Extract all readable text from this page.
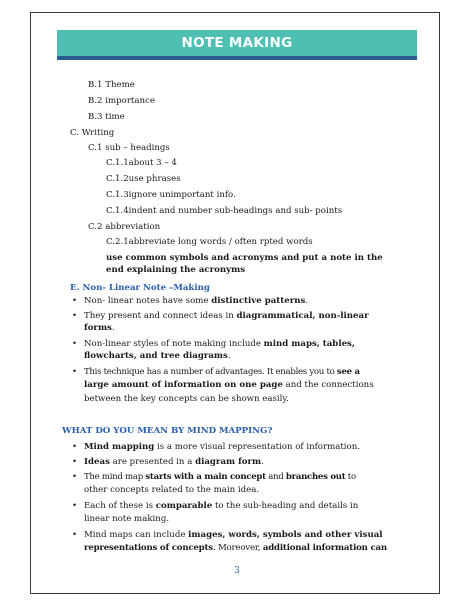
NOTE MAKING
B.1 Theme
B.2 importance
B.3 time
C. Writing
C.1 sub – headings
C.1.1about 3 – 4
C.1.2use phrases
C.1.3ignore unimportant info.
C.1.4indent and number sub-headings and sub- points
C.2 abbreviation
C.2.1abbreviate long words / often rpted words
use common symbols and acronyms and put a note in the
end explaining the acronyms
E. Non- Linear Note –Making
• Non- linear notes have some distinctive patterns.
• They present and connect ideas in diagrammatical, non-linear
forms.
• Non-linear styles of note making include mind maps, tables,
flowcharts, and tree diagrams.
• This technique has a number of advantages. It enables you to see a
large amount of information on one page and the connections
between the key concepts can be shown easily.
WHAT DO YOU MEAN BY MIND MAPPING?
• Mind mapping is a more visual representation of information.
• Ideas are presented in a diagram form.
• The mind map starts with a main concept and branches out to
other concepts related to the main idea.
• Each of these is comparable to the sub-heading and details in
linear note making.
• Mind maps can include images, words, symbols and other visual
representations of concepts. Moreover, additional information can
3
